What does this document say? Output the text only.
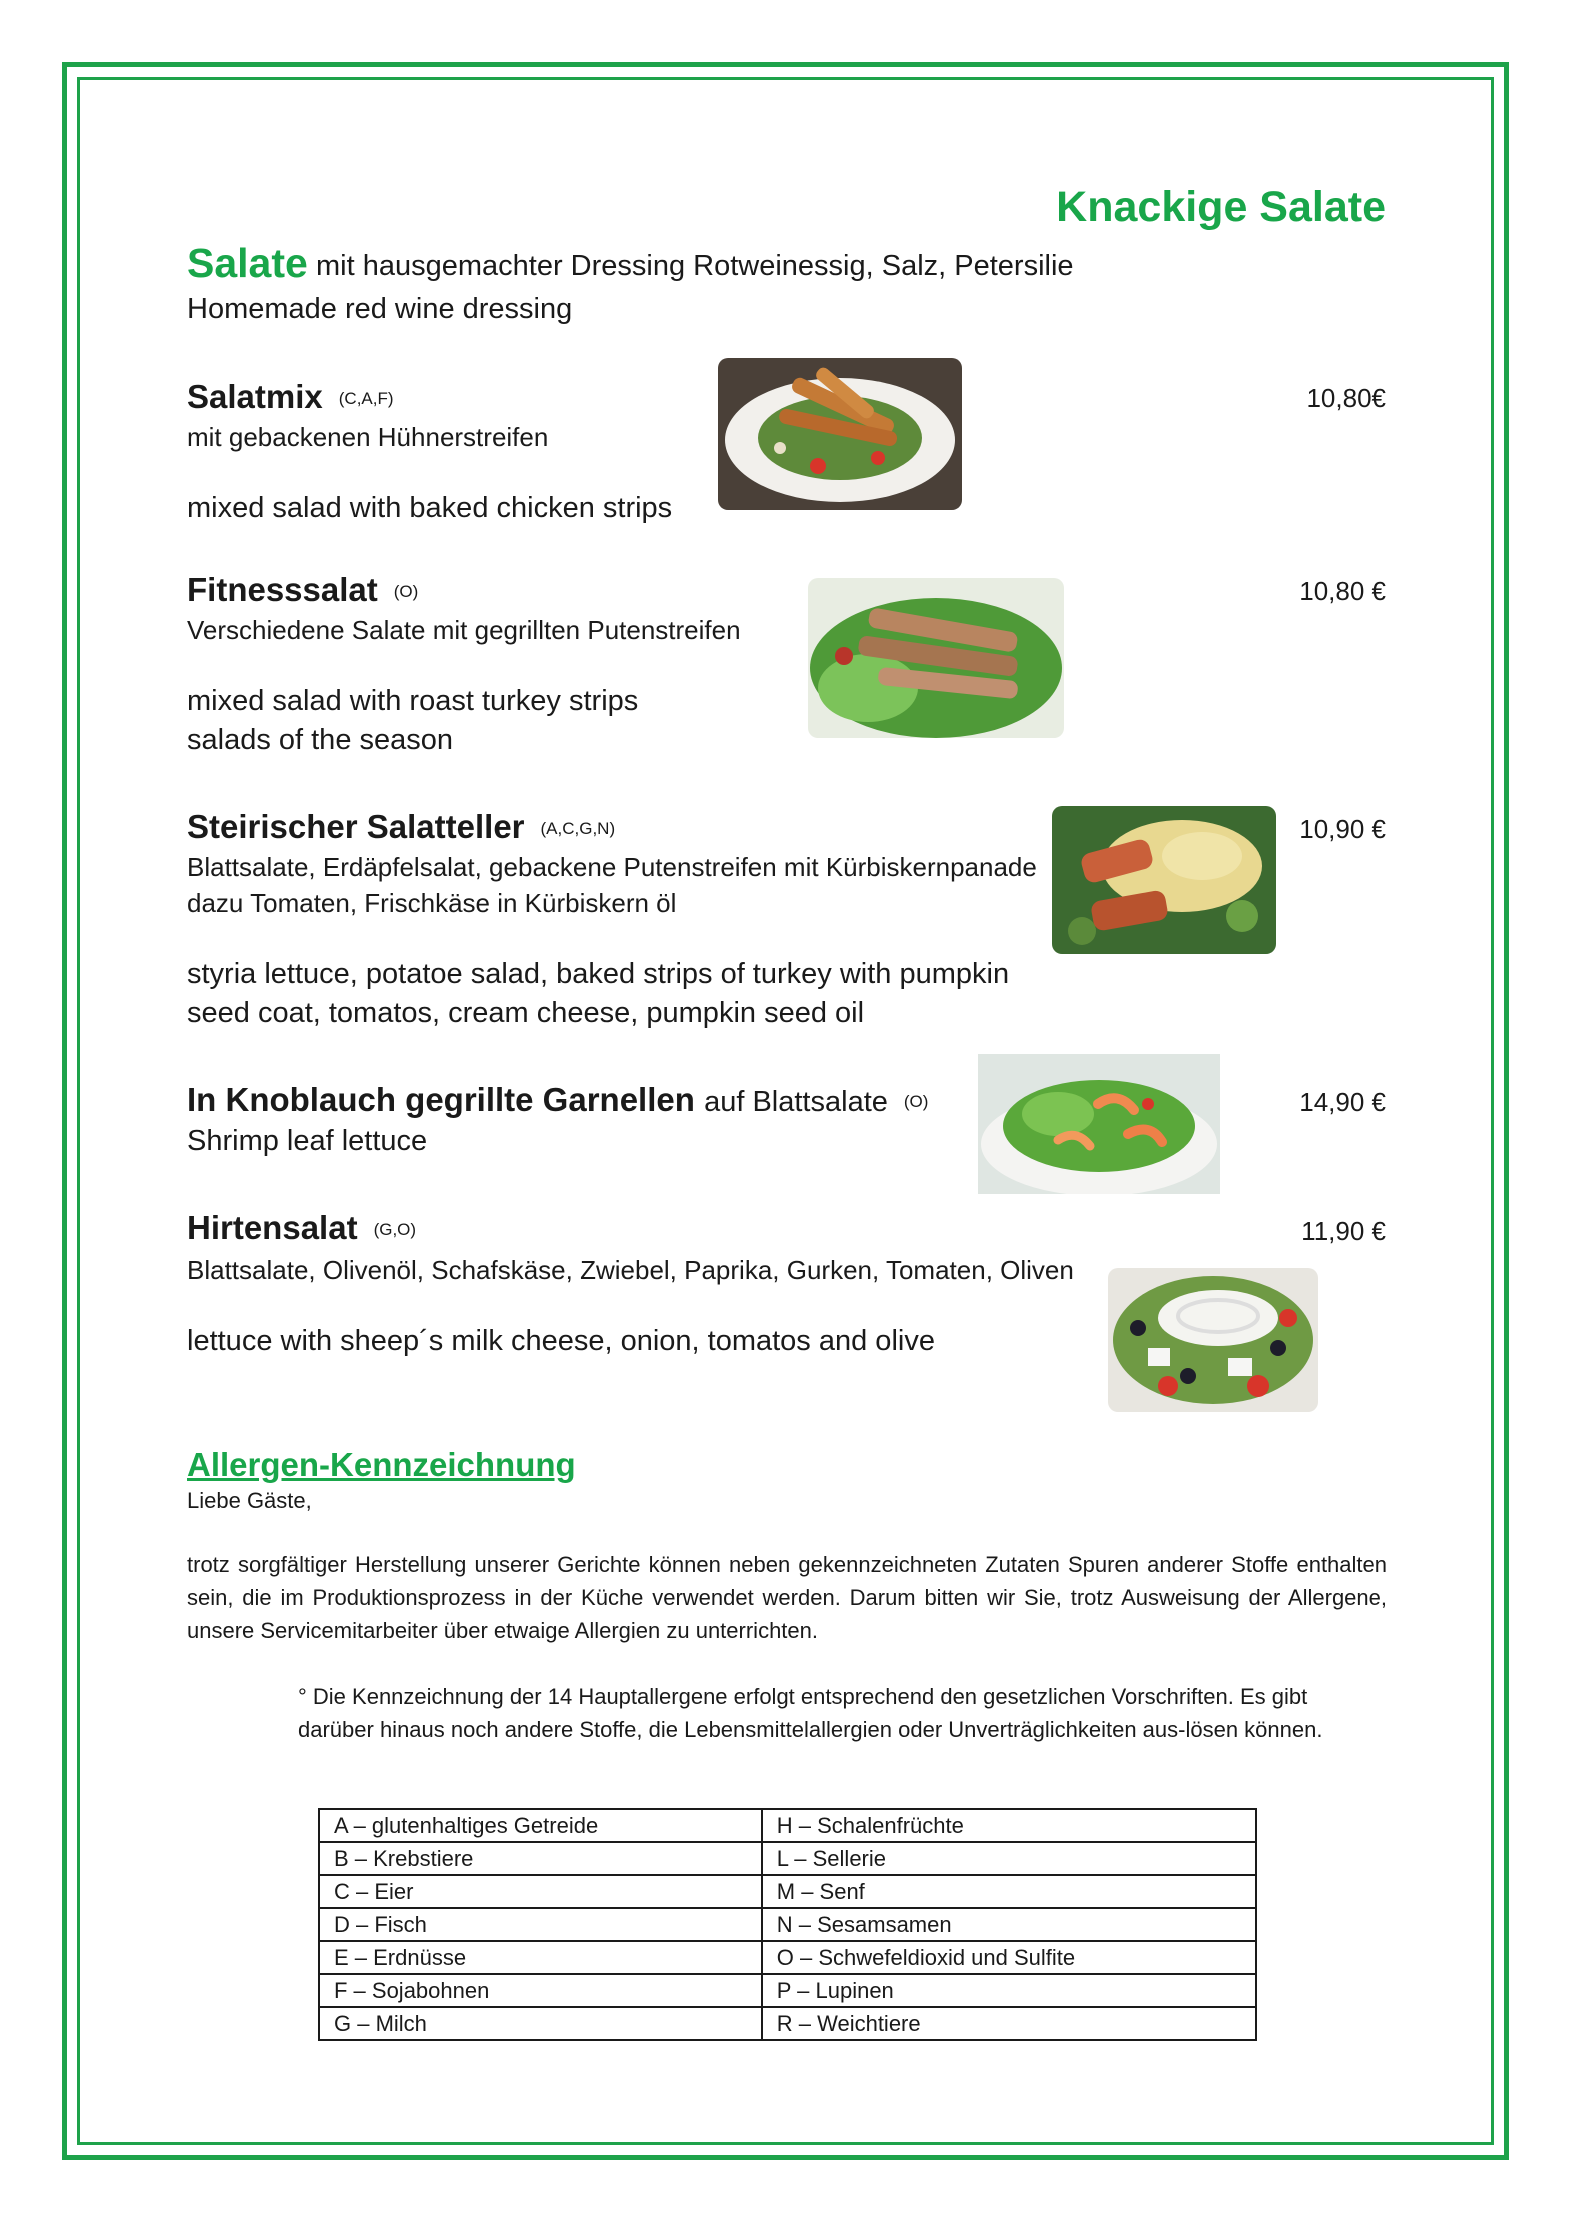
Knackige Salate
Salate mit hausgemachter Dressing Rotweinessig, Salz, Petersilie
Homemade red wine dressing
Salatmix (C,A,F)	10,80€
mit gebackenen Hühnerstreifen
mixed salad with baked chicken strips
Fitnesssalat (O)	10,80 €
Verschiedene Salate mit gegrillten Putenstreifen
mixed salad with roast turkey strips
salads of the season
Steirischer Salatteller (A,C,G,N)	10,90 €
Blattsalate, Erdäpfelsalat, gebackene Putenstreifen mit Kürbiskernpanade
dazu Tomaten, Frischkäse in Kürbiskern öl
styria lettuce, potatoe salad, baked strips of turkey with pumpkin
seed coat, tomatos, cream cheese, pumpkin seed oil
In Knoblauch gegrillte Garnellen auf Blattsalate (O)	14,90 €
Shrimp leaf lettuce
Hirtensalat (G,O)	11,90 €
Blattsalate, Olivenöl, Schafskäse, Zwiebel, Paprika, Gurken, Tomaten, Oliven
lettuce with sheep´s milk cheese, onion, tomatos and olive
Allergen-Kennzeichnung
Liebe Gäste,
trotz sorgfältiger Herstellung unserer Gerichte können neben gekennzeichneten Zutaten Spuren anderer Stoffe enthalten sein, die im Produktionsprozess in der Küche verwendet werden. Darum bitten wir Sie, trotz Ausweisung der Allergene, unsere Servicemitarbeiter über etwaige Allergien zu unterrichten.
° Die Kennzeichnung der 14 Hauptallergene erfolgt entsprechend den gesetzlichen Vorschriften. Es gibt darüber hinaus noch andere Stoffe, die Lebensmittelallergien oder Unverträglichkeiten aus-lösen können.
A – glutenhaltiges Getreide	H – Schalenfrüchte
B – Krebstiere	L – Sellerie
C – Eier	M – Senf
D – Fisch	N – Sesamsamen
E – Erdnüsse	O – Schwefeldioxid und Sulfite
F – Sojabohnen	P – Lupinen
G – Milch	R – Weichtiere
